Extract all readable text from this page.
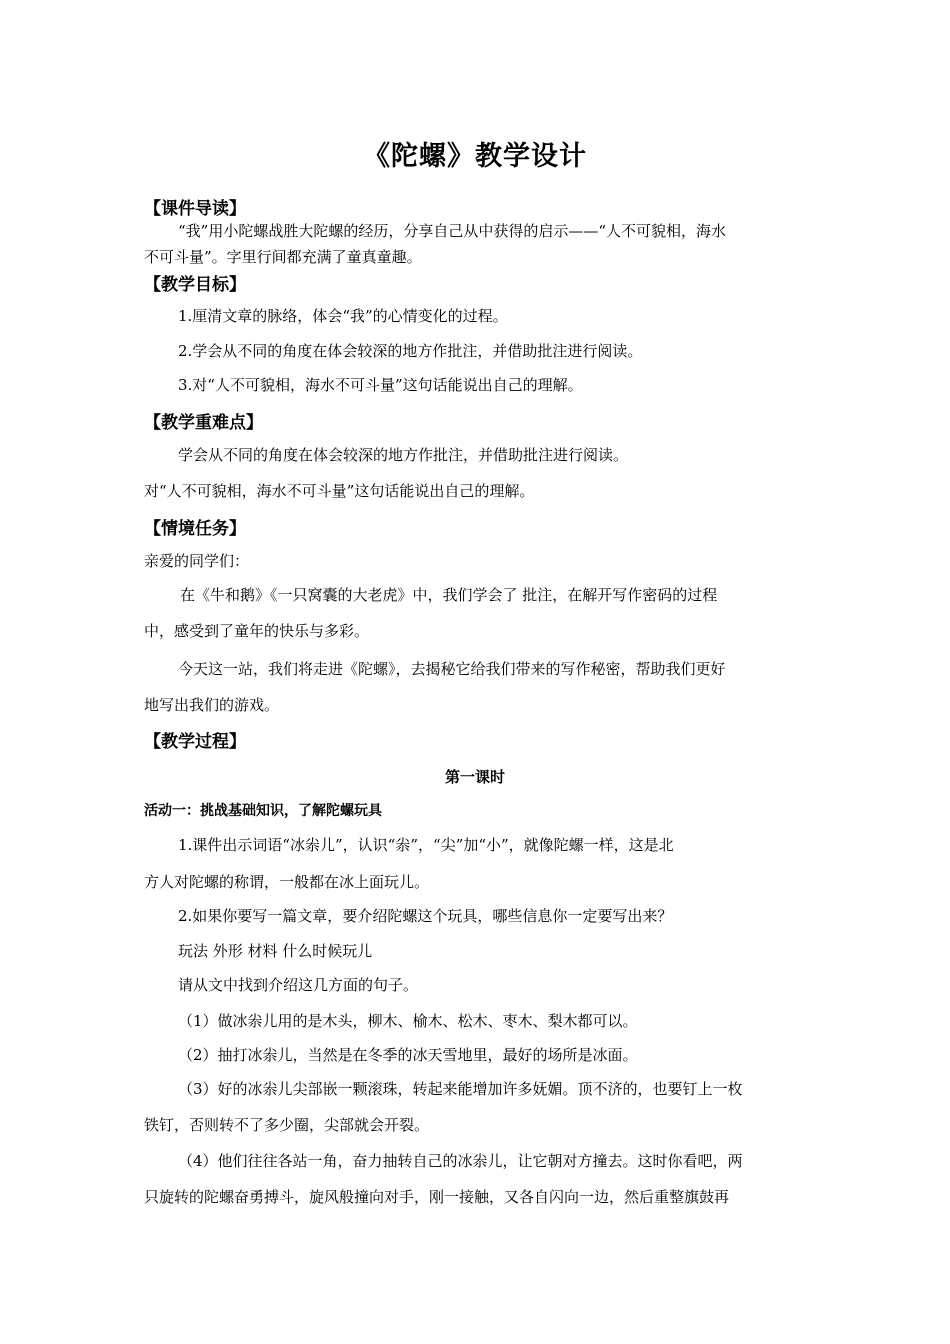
《陀螺》教学设计
【课件导读】
“我”用小陀螺战胜大陀螺的经历，分享自己从中获得的启示——“人不可貌相，海水
不可斗量”。字里行间都充满了童真童趣。
【教学目标】
1.厘清文章的脉络，体会“我”的心情变化的过程。
2.学会从不同的角度在体会较深的地方作批注，并借助批注进行阅读。
3.对“人不可貌相，海水不可斗量”这句话能说出自己的理解。
【教学重难点】
学会从不同的角度在体会较深的地方作批注，并借助批注进行阅读。
对“人不可貌相，海水不可斗量”这句话能说出自己的理解。
【情境任务】
亲爱的同学们：
在《牛和鹅》《一只窝囊的大老虎》中，我们学会了 批注，在解开写作密码的过程
中，感受到了童年的快乐与多彩。
今天这一站，我们将走进《陀螺》，去揭秘它给我们带来的写作秘密，帮助我们更好
地写出我们的游戏。
【教学过程】
第一课时
活动一：挑战基础知识，了解陀螺玩具
1.课件出示词语“冰尜儿”，认识“尜”，“尖”加“小”，就像陀螺一样，这是北
方人对陀螺的称谓，一般都在冰上面玩儿。
2.如果你要写一篇文章，要介绍陀螺这个玩具，哪些信息你一定要写出来？
玩法 外形 材料 什么时候玩儿
请从文中找到介绍这几方面的句子。
（1）做冰尜儿用的是木头，柳木、榆木、松木、枣木、梨木都可以。
（2）抽打冰尜儿，当然是在冬季的冰天雪地里，最好的场所是冰面。
（3）好的冰尜儿尖部嵌一颗滚珠，转起来能增加许多妩媚。顶不济的，也要钉上一枚
铁钉，否则转不了多少圈，尖部就会开裂。
（4）他们往往各站一角，奋力抽转自己的冰尜儿，让它朝对方撞去。这时你看吧，两
只旋转的陀螺奋勇搏斗，旋风般撞向对手，刚一接触，又各自闪向一边，然后重整旗鼓再
